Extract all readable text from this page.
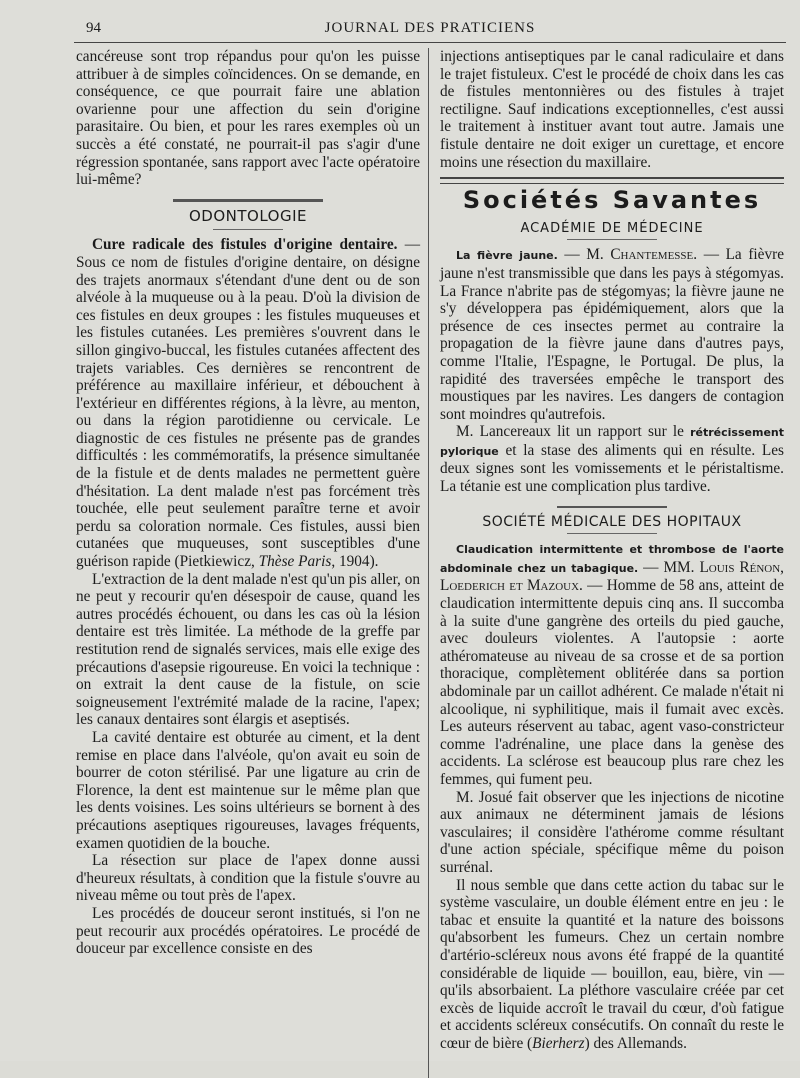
94	JOURNAL DES PRATICIENS

cancéreuse sont trop répandus pour qu'on les puisse attribuer à de simples coïncidences. On se demande, en conséquence, ce que pourrait faire une ablation ovarienne pour une affection du sein d'origine parasitaire. Ou bien, et pour les rares exemples où un succès a été constaté, ne pourrait-il pas s'agir d'une régression spontanée, sans rapport avec l'acte opératoire lui-même?

ODONTOLOGIE

Cure radicale des fistules d'origine dentaire. — Sous ce nom de fistules d'origine dentaire, on désigne des trajets anormaux s'étendant d'une dent ou de son alvéole à la muqueuse ou à la peau. D'où la division de ces fistules en deux groupes : les fistules muqueuses et les fistules cutanées. Les premières s'ouvrent dans le sillon gingivo-buccal, les fistules cutanées affectent des trajets variables. Ces dernières se rencontrent de préférence au maxillaire inférieur, et débouchent à l'extérieur en différentes régions, à la lèvre, au menton, ou dans la région parotidienne ou cervicale. Le diagnostic de ces fistules ne présente pas de grandes difficultés : les commémoratifs, la présence simultanée de la fistule et de dents malades ne permettent guère d'hésitation. La dent malade n'est pas forcément très touchée, elle peut seulement paraître terne et avoir perdu sa coloration normale. Ces fistules, aussi bien cutanées que muqueuses, sont susceptibles d'une guérison rapide (Pietkiewicz, Thèse Paris, 1904).

L'extraction de la dent malade n'est qu'un pis aller, on ne peut y recourir qu'en désespoir de cause, quand les autres procédés échouent, ou dans les cas où la lésion dentaire est très limitée. La méthode de la greffe par restitution rend de signalés services, mais elle exige des précautions d'asepsie rigoureuse. En voici la technique : on extrait la dent cause de la fistule, on scie soigneusement l'extrémité malade de la racine, l'apex; les canaux dentaires sont élargis et aseptisés.

La cavité dentaire est obturée au ciment, et la dent remise en place dans l'alvéole, qu'on avait eu soin de bourrer de coton stérilisé. Par une ligature au crin de Florence, la dent est maintenue sur le même plan que les dents voisines. Les soins ultérieurs se bornent à des précautions aseptiques rigoureuses, lavages fréquents, examen quotidien de la bouche.

La résection sur place de l'apex donne aussi d'heureux résultats, à condition que la fistule s'ouvre au niveau même ou tout près de l'apex.

Les procédés de douceur seront institués, si l'on ne peut recourir aux procédés opératoires. Le procédé de douceur par excellence consiste en des

injections antiseptiques par le canal radiculaire et dans le trajet fistuleux. C'est le procédé de choix dans les cas de fistules mentonnières ou des fistules à trajet rectiligne. Sauf indications exceptionnelles, c'est aussi le traitement à instituer avant tout autre. Jamais une fistule dentaire ne doit exiger un curettage, et encore moins une résection du maxillaire.

Sociétés Savantes
ACADÉMIE DE MÉDECINE

La fièvre jaune. — M. Chantemesse. — La fièvre jaune n'est transmissible que dans les pays à stégomyas. La France n'abrite pas de stégomyas; la fièvre jaune ne s'y développera pas épidémiquement, alors que la présence de ces insectes permet au contraire la propagation de la fièvre jaune dans d'autres pays, comme l'Italie, l'Espagne, le Portugal. De plus, la rapidité des traversées empêche le transport des moustiques par les navires. Les dangers de contagion sont moindres qu'autrefois.

M. Lancereaux lit un rapport sur le rétrécissement pylorique et la stase des aliments qui en résulte. Les deux signes sont les vomissements et le péristaltisme. La tétanie est une complication plus tardive.

SOCIÉTÉ MÉDICALE DES HOPITAUX

Claudication intermittente et thrombose de l'aorte abdominale chez un tabagique. — MM. Louis Rénon, Loederich et Mazoux. — Homme de 58 ans, atteint de claudication intermittente depuis cinq ans. Il succomba à la suite d'une gangrène des orteils du pied gauche, avec douleurs violentes. A l'autopsie : aorte athéromateuse au niveau de sa crosse et de sa portion thoracique, complètement oblitérée dans sa portion abdominale par un caillot adhérent. Ce malade n'était ni alcoolique, ni syphilitique, mais il fumait avec excès. Les auteurs réservent au tabac, agent vaso-constricteur comme l'adrénaline, une place dans la genèse des accidents. La sclérose est beaucoup plus rare chez les femmes, qui fument peu.

M. Josué fait observer que les injections de nicotine aux animaux ne déterminent jamais de lésions vasculaires; il considère l'athérome comme résultant d'une action spéciale, spécifique même du poison surrénal.

Il nous semble que dans cette action du tabac sur le système vasculaire, un double élément entre en jeu : le tabac et ensuite la quantité et la nature des boissons qu'absorbent les fumeurs. Chez un certain nombre d'artério-scléreux nous avons été frappé de la quantité considérable de liquide — bouillon, eau, bière, vin — qu'ils absorbaient. La pléthore vasculaire créée par cet excès de liquide accroît le travail du cœur, d'où fatigue et accidents scléreux consécutifs. On connaît du reste le cœur de bière (Bierherz) des Allemands.
